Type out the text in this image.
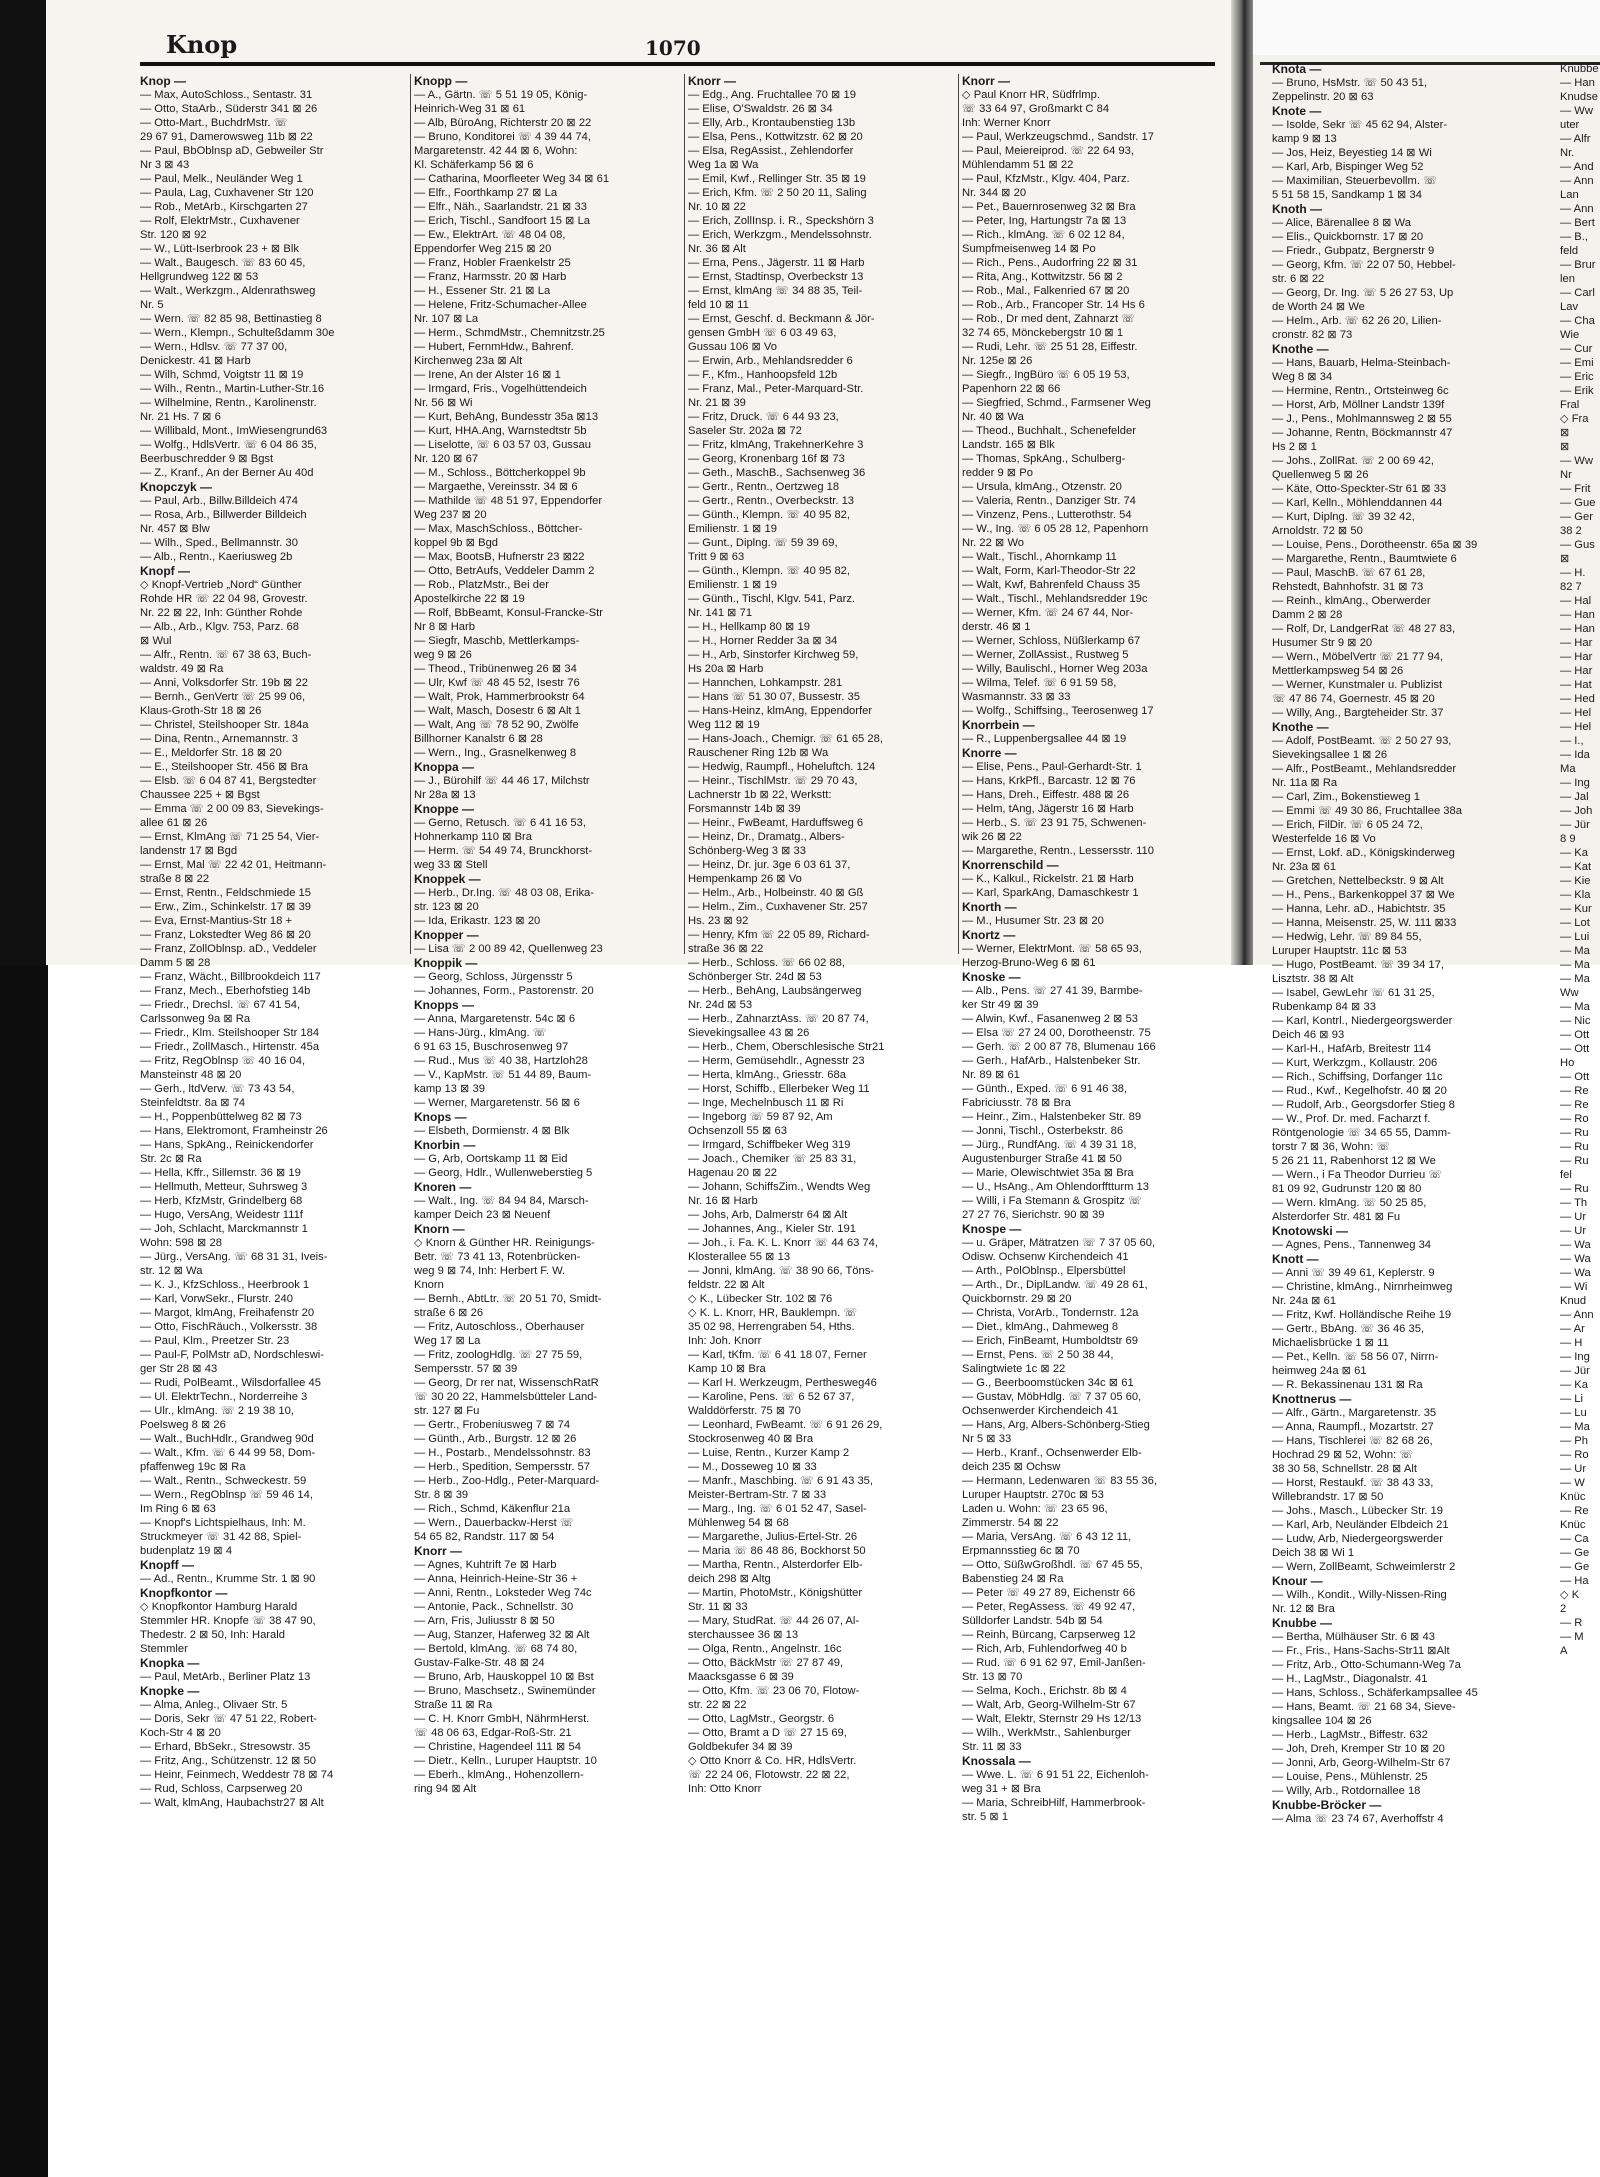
Knop	1070
Knop —
— Max, AutoSchloss., Sentastr. 31
— Otto, StaArb., Süderstr 341 ⊠ 26
— Otto-Mart., BuchdrMstr. ☏
29 67 91, Damerowsweg 11b ⊠ 22
— Paul, BbOblnsp aD, Gebweiler Str
Nr 3 ⊠ 43
— Paul, Melk., Neuländer Weg 1
— Paula, Lag, Cuxhavener Str 120
— Rob., MetArb., Kirschgarten 27
— Rolf, ElektrMstr., Cuxhavener
Str. 120 ⊠ 92
— W., Lütt-Iserbrook 23 + ⊠ Blk
— Walt., Baugesch. ☏ 83 60 45,
Hellgrundweg 122 ⊠ 53
— Walt., Werkzgm., Aldenrathsweg
Nr. 5
— Wern. ☏ 82 85 98, Bettinastieg 8
— Wern., Klempn., Schulteßdamm 30e
— Wern., Hdlsv. ☏ 77 37 00,
Denickestr. 41 ⊠ Harb
— Wilh, Schmd, Voigtstr 11 ⊠ 19
— Wilh., Rentn., Martin-Luther-Str.16
— Wilhelmine, Rentn., Karolinenstr.
Nr. 21 Hs. 7 ⊠ 6
— Willibald, Mont., ImWiesengrund63
— Wolfg., HdlsVertr. ☏ 6 04 86 35,
Beerbuschredder 9 ⊠ Bgst
— Z., Kranf., An der Berner Au 40d
Knopczyk —
— Paul, Arb., Billw.Billdeich 474
— Rosa, Arb., Billwerder Billdeich
Nr. 457 ⊠ Blw
— Wilh., Sped., Bellmannstr. 30
— Alb., Rentn., Kaeriusweg 2b
Knopf —
◇ Knopf-Vertrieb „Nord“ Günther
Rohde HR ☏ 22 04 98, Grovestr.
Nr. 22 ⊠ 22, Inh: Günther Rohde
— Alb., Arb., Klgv. 753, Parz. 68
⊠ Wul
— Alfr., Rentn. ☏ 67 38 63, Buch-
waldstr. 49 ⊠ Ra
— Anni, Volksdorfer Str. 19b ⊠ 22
— Bernh., GenVertr ☏ 25 99 06,
Klaus-Groth-Str 18 ⊠ 26
— Christel, Steilshooper Str. 184a
— Dina, Rentn., Arnemannstr. 3
— E., Meldorfer Str. 18 ⊠ 20
— E., Steilshooper Str. 456 ⊠ Bra
— Elsb. ☏ 6 04 87 41, Bergstedter
Chaussee 225 + ⊠ Bgst
— Emma ☏ 2 00 09 83, Sievekings-
allee 61 ⊠ 26
— Ernst, KlmAng ☏ 71 25 54, Vier-
landenstr 17 ⊠ Bgd
— Ernst, Mal ☏ 22 42 01, Heitmann-
straße 8 ⊠ 22
— Ernst, Rentn., Feldschmiede 15
— Erw., Zim., Schinkelstr. 17 ⊠ 39
— Eva, Ernst-Mantius-Str 18 +
— Franz, Lokstedter Weg 86 ⊠ 20
— Franz, ZollOblnsp. aD., Veddeler
Damm 5 ⊠ 28
— Franz, Wächt., Billbrookdeich 117
— Franz, Mech., Eberhofstieg 14b
— Friedr., Drechsl. ☏ 67 41 54,
Carlssonweg 9a ⊠ Ra
— Friedr., Klm. Steilshooper Str 184
— Friedr., ZollMasch., Hirtenstr. 45a
— Fritz, RegOblnsp ☏ 40 16 04,
Mansteinstr 48 ⊠ 20
— Gerh., ltdVerw. ☏ 73 43 54,
Steinfeldtstr. 8a ⊠ 74
— H., Poppenbüttelweg 82 ⊠ 73
— Hans, Elektromont, Framheinstr 26
— Hans, SpkAng., Reinickendorfer
Str. 2c ⊠ Ra
— Hella, Kffr., Sillemstr. 36 ⊠ 19
— Hellmuth, Metteur, Suhrsweg 3
— Herb, KfzMstr, Grindelberg 68
— Hugo, VersAng, Weidestr 111f
— Joh, Schlacht, Marckmannstr 1
Wohn: 598 ⊠ 28
— Jürg., VersAng. ☏ 68 31 31, Iveis-
str. 12 ⊠ Wa
— K. J., KfzSchloss., Heerbrook 1
— Karl, VorwSekr., Flurstr. 240
— Margot, klmAng, Freihafenstr 20
— Otto, FischRäuch., Volkersstr. 38
— Paul, Klm., Preetzer Str. 23
— Paul-F, PolMstr aD, Nordschleswi-
ger Str 28 ⊠ 43
— Rudi, PolBeamt., Wilsdorfallee 45
— Ul. ElektrTechn., Norderreihe 3
— Ulr., klmAng. ☏ 2 19 38 10,
Poelsweg 8 ⊠ 26
— Walt., BuchHdlr., Grandweg 90d
— Walt., Kfm. ☏ 6 44 99 58, Dom-
pfaffenweg 19c ⊠ Ra
— Walt., Rentn., Schweckestr. 59
— Wern., RegOblnsp ☏ 59 46 14,
Im Ring 6 ⊠ 63
— Knopf's Lichtspielhaus, Inh: M.
Struckmeyer ☏ 31 42 88, Spiel-
budenplatz 19 ⊠ 4
Knopff —
— Ad., Rentn., Krumme Str. 1 ⊠ 90
Knopfkontor —
◇ Knopfkontor Hamburg Harald
Stemmler HR. Knopfe ☏ 38 47 90,
Thedestr. 2 ⊠ 50, Inh: Harald
Stemmler
Knopka —
— Paul, MetArb., Berliner Platz 13
Knopke —
— Alma, Anleg., Olivaer Str. 5
— Doris, Sekr ☏ 47 51 22, Robert-
Koch-Str 4 ⊠ 20
— Erhard, BbSekr., Stresowstr. 35
— Fritz, Ang., Schützenstr. 12 ⊠ 50
— Heinr, Feinmech, Weddestr 78 ⊠ 74
— Rud, Schloss, Carpserweg 20
— Walt, klmAng, Haubachstr27 ⊠ Alt
Knopp —
— A., Gärtn. ☏ 5 51 19 05, König-
Heinrich-Weg 31 ⊠ 61
— Alb, BüroAng, Richterstr 20 ⊠ 22
— Bruno, Konditorei ☏ 4 39 44 74,
Margaretenstr. 42 44 ⊠ 6, Wohn:
Kl. Schäferkamp 56 ⊠ 6
— Catharina, Moorfleeter Weg 34 ⊠ 61
— Elfr., Foorthkamp 27 ⊠ La
— Elfr., Näh., Saarlandstr. 21 ⊠ 33
— Erich, Tischl., Sandfoort 15 ⊠ La
— Ew., ElektrArt. ☏ 48 04 08,
Eppendorfer Weg 215 ⊠ 20
— Franz, Hobler Fraenkelstr 25
— Franz, Harmsstr. 20 ⊠ Harb
— H., Essener Str. 21 ⊠ La
— Helene, Fritz-Schumacher-Allee
Nr. 107 ⊠ La
— Herm., SchmdMstr., Chemnitzstr.25
— Hubert, FernmHdw., Bahrenf.
Kirchenweg 23a ⊠ Alt
— Irene, An der Alster 16 ⊠ 1
— Irmgard, Fris., Vogelhüttendeich
Nr. 56 ⊠ Wi
— Kurt, BehAng, Bundesstr 35a ⊠13
— Kurt, HHA.Ang, Warnstedtstr 5b
— Liselotte, ☏ 6 03 57 03, Gussau
Nr. 120 ⊠ 67
— M., Schloss., Böttcherkoppel 9b
— Margaethe, Vereinsstr. 34 ⊠ 6
— Mathilde ☏ 48 51 97, Eppendorfer
Weg 237 ⊠ 20
— Max, MaschSchloss., Böttcher-
koppel 9b ⊠ Bgd
— Max, BootsB, Hufnerstr 23 ⊠22
— Otto, BetrAufs, Veddeler Damm 2
— Rob., PlatzMstr., Bei der
Apostelkirche 22 ⊠ 19
— Rolf, BbBeamt, Konsul-Francke-Str
Nr 8 ⊠ Harb
— Siegfr, Maschb, Mettlerkamps-
weg 9 ⊠ 26
— Theod., Tribünenweg 26 ⊠ 34
— Ulr, Kwf ☏ 48 45 52, Isestr 76
— Walt, Prok, Hammerbrookstr 64
— Walt, Masch, Dosestr 6 ⊠ Alt 1
— Walt, Ang ☏ 78 52 90, Zwölfe
Billhorner Kanalstr 6 ⊠ 28
— Wern., Ing., Grasnelkenweg 8
Knoppa —
— J., Bürohilf ☏ 44 46 17, Milchstr
Nr 28a ⊠ 13
Knoppe —
— Gerno, Retusch. ☏ 6 41 16 53,
Hohnerkamp 110 ⊠ Bra
— Herm. ☏ 54 49 74, Brunckhorst-
weg 33 ⊠ Stell
Knoppek —
— Herb., Dr.Ing. ☏ 48 03 08, Erika-
str. 123 ⊠ 20
— Ida, Erikastr. 123 ⊠ 20
Knopper —
— Lisa ☏ 2 00 89 42, Quellenweg 23
Knoppik —
— Georg, Schloss, Jürgensstr 5
— Johannes, Form., Pastorenstr. 20
Knopps —
— Anna, Margaretenstr. 54c ⊠ 6
— Hans-Jürg., klmAng. ☏
6 91 63 15, Buschrosenweg 97
— Rud., Mus ☏ 40 38, Hartzloh28
— V., KapMstr. ☏ 51 44 89, Baum-
kamp 13 ⊠ 39
— Werner, Margaretenstr. 56 ⊠ 6
Knops —
— Elsbeth, Dormienstr. 4 ⊠ Blk
Knorbin —
— G, Arb, Oortskamp 11 ⊠ Eid
— Georg, Hdlr., Wullenweberstieg 5
Knoren —
— Walt., Ing. ☏ 84 94 84, Marsch-
kamper Deich 23 ⊠ Neuenf
Knorn —
◇ Knorn & Günther HR. Reinigungs-
Betr. ☏ 73 41 13, Rotenbrücken-
weg 9 ⊠ 74, Inh: Herbert F. W.
Knorn
— Bernh., AbtLtr. ☏ 20 51 70, Smidt-
straße 6 ⊠ 26
— Fritz, Autoschloss., Oberhauser
Weg 17 ⊠ La
— Fritz, zoologHdlg. ☏ 27 75 59,
Sempersstr. 57 ⊠ 39
— Georg, Dr rer nat, WissenschRatR
☏ 30 20 22, Hammelsbütteler Land-
str. 127 ⊠ Fu
— Gertr., Frobeniusweg 7 ⊠ 74
— Günth., Arb., Burgstr. 12 ⊠ 26
— H., Postarb., Mendelssohnstr. 83
— Herb., Spedition, Sempersstr. 57
— Herb., Zoo-Hdlg., Peter-Marquard-
Str. 8 ⊠ 39
— Rich., Schmd, Käkenflur 21a
— Wern., Dauerbackw-Herst ☏
54 65 82, Randstr. 117 ⊠ 54
Knorr —
— Agnes, Kuhtrift 7e ⊠ Harb
— Anna, Heinrich-Heine-Str 36 +
— Anni, Rentn., Loksteder Weg 74c
— Antonie, Pack., Schnellstr. 30
— Arn, Fris, Juliusstr 8 ⊠ 50
— Aug, Stanzer, Haferweg 32 ⊠ Alt
— Bertold, klmAng. ☏ 68 74 80,
Gustav-Falke-Str. 48 ⊠ 24
— Bruno, Arb, Hauskoppel 10 ⊠ Bst
— Bruno, Maschsetz., Swinemünder
Straße 11 ⊠ Ra
— C. H. Knorr GmbH, NährmHerst.
☏ 48 06 63, Edgar-Roß-Str. 21
— Christine, Hagendeel 111 ⊠ 54
— Dietr., Kelln., Luruper Hauptstr. 10
— Eberh., klmAng., Hohenzollern-
ring 94 ⊠ Alt
Knorr —
— Edg., Ang. Fruchtallee 70 ⊠ 19
— Elise, O'Swaldstr. 26 ⊠ 34
— Elly, Arb., Krontaubenstieg 13b
— Elsa, Pens., Kottwitzstr. 62 ⊠ 20
— Elsa, RegAssist., Zehlendorfer
Weg 1a ⊠ Wa
— Emil, Kwf., Rellinger Str. 35 ⊠ 19
— Erich, Kfm. ☏ 2 50 20 11, Saling
Nr. 10 ⊠ 22
— Erich, ZollInsp. i. R., Speckshörn 3
— Erich, Werkzgm., Mendelssohnstr.
Nr. 36 ⊠ Alt
— Erna, Pens., Jägerstr. 11 ⊠ Harb
— Ernst, Stadtinsp, Overbeckstr 13
— Ernst, klmAng ☏ 34 88 35, Teil-
feld 10 ⊠ 11
— Ernst, Geschf. d. Beckmann & Jör-
gensen GmbH ☏ 6 03 49 63,
Gussau 106 ⊠ Vo
— Erwin, Arb., Mehlandsredder 6
— F., Kfm., Hanhoopsfeld 12b
— Franz, Mal., Peter-Marquard-Str.
Nr. 21 ⊠ 39
— Fritz, Druck. ☏ 6 44 93 23,
Saseler Str. 202a ⊠ 72
— Fritz, klmAng, TrakehnerKehre 3
— Georg, Kronenbarg 16f ⊠ 73
— Geth., MaschB., Sachsenweg 36
— Gertr., Rentn., Oertzweg 18
— Gertr., Rentn., Overbeckstr. 13
— Günth., Klempn. ☏ 40 95 82,
Emilienstr. 1 ⊠ 19
— Gunt., Diplng. ☏ 59 39 69,
Tritt 9 ⊠ 63
— Günth., Klempn. ☏ 40 95 82,
Emilienstr. 1 ⊠ 19
— Günth., Tischl, Klgv. 541, Parz.
Nr. 141 ⊠ 71
— H., Hellkamp 80 ⊠ 19
— H., Horner Redder 3a ⊠ 34
— H., Arb, Sinstorfer Kirchweg 59,
Hs 20a ⊠ Harb
— Hannchen, Lohkampstr. 281
— Hans ☏ 51 30 07, Bussestr. 35
— Hans-Heinz, klmAng, Eppendorfer
Weg 112 ⊠ 19
— Hans-Joach., Chemigr. ☏ 61 65 28,
Rauschener Ring 12b ⊠ Wa
— Hedwig, Raumpfl., Hoheluftch. 124
— Heinr., TischlMstr. ☏ 29 70 43,
Lachnerstr 1b ⊠ 22, Werkstt:
Forsmannstr 14b ⊠ 39
— Heinr., FwBeamt, Harduffsweg 6
— Heinz, Dr., Dramatg., Albers-
Schönberg-Weg 3 ⊠ 33
— Heinz, Dr. jur. 3ge 6 03 61 37,
Hempenkamp 26 ⊠ Vo
— Helm., Arb., Holbeinstr. 40 ⊠ Gß
— Helm., Zim., Cuxhavener Str. 257
Hs. 23 ⊠ 92
— Henry, Kfm ☏ 22 05 89, Richard-
straße 36 ⊠ 22
— Herb., Schloss. ☏ 66 02 88,
Schönberger Str. 24d ⊠ 53
— Herb., BehAng, Laubsängerweg
Nr. 24d ⊠ 53
— Herb., ZahnarztAss. ☏ 20 87 74,
Sievekingsallee 43 ⊠ 26
— Herb., Chem, Oberschlesische Str21
— Herm, Gemüsehdlr., Agnesstr 23
— Herta, klmAng., Griesstr. 68a
— Horst, Schiffb., Ellerbeker Weg 11
— Inge, Mechelnbusch 11 ⊠ Ri
— Ingeborg ☏ 59 87 92, Am
Ochsenzoll 55 ⊠ 63
— Irmgard, Schiffbeker Weg 319
— Joach., Chemiker ☏ 25 83 31,
Hagenau 20 ⊠ 22
— Johann, SchiffsZim., Wendts Weg
Nr. 16 ⊠ Harb
— Johs, Arb, Dalmerstr 64 ⊠ Alt
— Johannes, Ang., Kieler Str. 191
— Joh., i. Fa. K. L. Knorr ☏ 44 63 74,
Klosterallee 55 ⊠ 13
— Jonni, klmAng. ☏ 38 90 66, Töns-
feldstr. 22 ⊠ Alt
◇ K., Lübecker Str. 102 ⊠ 76
◇ K. L. Knorr, HR, Bauklempn. ☏
35 02 98, Herrengraben 54, Hths.
Inh: Joh. Knorr
— Karl, tKfm. ☏ 6 41 18 07, Ferner
Kamp 10 ⊠ Bra
— Karl H. Werkzeugm, Perthesweg46
— Karoline, Pens. ☏ 6 52 67 37,
Walddörferstr. 75 ⊠ 70
— Leonhard, FwBeamt. ☏ 6 91 26 29,
Stockrosenweg 40 ⊠ Bra
— Luise, Rentn., Kurzer Kamp 2
— M., Dosseweg 10 ⊠ 33
— Manfr., Maschbing. ☏ 6 91 43 35,
Meister-Bertram-Str. 7 ⊠ 33
— Marg., Ing. ☏ 6 01 52 47, Sasel-
Mühlenweg 54 ⊠ 68
— Margarethe, Julius-Ertel-Str. 26
— Maria ☏ 86 48 86, Bockhorst 50
— Martha, Rentn., Alsterdorfer Elb-
deich 298 ⊠ Altg
— Martin, PhotoMstr., Königshütter
Str. 11 ⊠ 33
— Mary, StudRat. ☏ 44 26 07, Al-
sterchaussee 36 ⊠ 13
— Olga, Rentn., Angelnstr. 16c
— Otto, BäckMstr ☏ 27 87 49,
Maacksgasse 6 ⊠ 39
— Otto, Kfm. ☏ 23 06 70, Flotow-
str. 22 ⊠ 22
— Otto, LagMstr., Georgstr. 6
— Otto, Bramt a D ☏ 27 15 69,
Goldbekufer 34 ⊠ 39
◇ Otto Knorr & Co. HR, HdlsVertr.
☏ 22 24 06, Flotowstr. 22 ⊠ 22,
Inh: Otto Knorr
Knorr —
◇ Paul Knorr HR, Südfrlmp.
☏ 33 64 97, Großmarkt C 84
Inh: Werner Knorr
— Paul, Werkzeugschmd., Sandstr. 17
— Paul, Meiereiprod. ☏ 22 64 93,
Mühlendamm 51 ⊠ 22
— Paul, KfzMstr., Klgv. 404, Parz.
Nr. 344 ⊠ 20
— Pet., Bauernrosenweg 32 ⊠ Bra
— Peter, Ing, Hartungstr 7a ⊠ 13
— Rich., klmAng. ☏ 6 02 12 84,
Sumpfmeisenweg 14 ⊠ Po
— Rich., Pens., Audorfring 22 ⊠ 31
— Rita, Ang., Kottwitzstr. 56 ⊠ 2
— Rob., Mal., Falkenried 67 ⊠ 20
— Rob., Arb., Francoper Str. 14 Hs 6
— Rob., Dr med dent, Zahnarzt ☏
32 74 65, Mönckebergstr 10 ⊠ 1
— Rudi, Lehr. ☏ 25 51 28, Eiffestr.
Nr. 125e ⊠ 26
— Siegfr., IngBüro ☏ 6 05 19 53,
Papenhorn 22 ⊠ 66
— Siegfried, Schmd., Farmsener Weg
Nr. 40 ⊠ Wa
— Theod., Buchhalt., Schenefelder
Landstr. 165 ⊠ Blk
— Thomas, SpkAng., Schulberg-
redder 9 ⊠ Po
— Ursula, klmAng., Otzenstr. 20
— Valeria, Rentn., Danziger Str. 74
— Vinzenz, Pens., Lutterothstr. 54
— W., Ing. ☏ 6 05 28 12, Papenhorn
Nr. 22 ⊠ Wo
— Walt., Tischl., Ahornkamp 11
— Walt, Form, Karl-Theodor-Str 22
— Walt, Kwf, Bahrenfeld Chauss 35
— Walt., Tischl., Mehlandsredder 19c
— Werner, Kfm. ☏ 24 67 44, Nor-
derstr. 46 ⊠ 1
— Werner, Schloss, Nüßlerkamp 67
— Werner, ZollAssist., Rustweg 5
— Willy, Baulischl., Horner Weg 203a
— Wilma, Telef. ☏ 6 91 59 58,
Wasmannstr. 33 ⊠ 33
— Wolfg., Schiffsing., Teerosenweg 17
Knorrbein —
— R., Luppenbergsallee 44 ⊠ 19
Knorre —
— Elise, Pens., Paul-Gerhardt-Str. 1
— Hans, KrkPfl., Barcastr. 12 ⊠ 76
— Hans, Dreh., Eiffestr. 488 ⊠ 26
— Helm, tAng, Jägerstr 16 ⊠ Harb
— Herb., S. ☏ 23 91 75, Schwenen-
wik 26 ⊠ 22
— Margarethe, Rentn., Lessersstr. 110
Knorrenschild —
— K., Kalkul., Rickelstr. 21 ⊠ Harb
— Karl, SparkAng, Damaschkestr 1
Knorth —
— M., Husumer Str. 23 ⊠ 20
Knortz —
— Werner, ElektrMont. ☏ 58 65 93,
Herzog-Bruno-Weg 6 ⊠ 61
Knoske —
— Alb., Pens. ☏ 27 41 39, Barmbe-
ker Str 49 ⊠ 39
— Alwin, Kwf., Fasanenweg 2 ⊠ 53
— Elsa ☏ 27 24 00, Dorotheenstr. 75
— Gerh. ☏ 2 00 87 78, Blumenau 166
— Gerh., HafArb., Halstenbeker Str.
Nr. 89 ⊠ 61
— Günth., Exped. ☏ 6 91 46 38,
Fabriciusstr. 78 ⊠ Bra
— Heinr., Zim., Halstenbeker Str. 89
— Jonni, Tischl., Osterbekstr. 86
— Jürg., RundfAng. ☏ 4 39 31 18,
Augustenburger Straße 41 ⊠ 50
— Marie, Olewischtwiet 35a ⊠ Bra
— U., HsAng., Am Ohlendorfftturm 13
— Willi, i Fa Stemann & Grospitz ☏
27 27 76, Sierichstr. 90 ⊠ 39
Knospe —
— u. Gräper, Mätratzen ☏ 7 37 05 60,
Odisw. Ochsenw Kirchendeich 41
— Arth., PolOblnsp., Elpersbüttel
— Arth., Dr., DiplLandw. ☏ 49 28 61,
Quickbornstr. 29 ⊠ 20
— Christa, VorArb., Tondernstr. 12a
— Diet., klmAng., Dahmeweg 8
— Erich, FinBeamt, Humboldtstr 69
— Ernst, Pens. ☏ 2 50 38 44,
Salingtwiete 1c ⊠ 22
— G., Beerboomstücken 34c ⊠ 61
— Gustav, MöbHdlg. ☏ 7 37 05 60,
Ochsenwerder Kirchendeich 41
— Hans, Arg, Albers-Schönberg-Stieg
Nr 5 ⊠ 33
— Herb., Kranf., Ochsenwerder Elb-
deich 235 ⊠ Ochsw
— Hermann, Ledenwaren ☏ 83 55 36,
Luruper Hauptstr. 270c ⊠ 53
Laden u. Wohn: ☏ 23 65 96,
Zimmerstr. 54 ⊠ 22
— Maria, VersAng. ☏ 6 43 12 11,
Erpmannsstieg 6c ⊠ 70
— Otto, SüßwGroßhdl. ☏ 67 45 55,
Babenstieg 24 ⊠ Ra
— Peter ☏ 49 27 89, Eichenstr 66
— Peter, RegAssess. ☏ 49 92 47,
Sülldorfer Landstr. 54b ⊠ 54
— Reinh, Bürcang, Carpserweg 12
— Rich, Arb, Fuhlendorfweg 40 b
— Rud. ☏ 6 91 62 97, Emil-Janßen-
Str. 13 ⊠ 70
— Selma, Koch., Erichstr. 8b ⊠ 4
— Walt, Arb, Georg-Wilhelm-Str 67
— Walt, Elektr, Sternstr 29 Hs 12/13
— Wilh., WerkMstr., Sahlenburger
Str. 11 ⊠ 33
Knossala —
— Wwe. L. ☏ 6 91 51 22, Eichenloh-
weg 31 + ⊠ Bra
— Maria, SchreibHilf, Hammerbrook-
str. 5 ⊠ 1
Knota —
— Bruno, HsMstr. ☏ 50 43 51,
Zeppelinstr. 20 ⊠ 63
Knote —
— Isolde, Sekr ☏ 45 62 94, Alster-
kamp 9 ⊠ 13
— Jos, Heiz, Beyestieg 14 ⊠ Wi
— Karl, Arb, Bispinger Weg 52
— Maximilian, Steuerbevollm. ☏
5 51 58 15, Sandkamp 1 ⊠ 34
Knoth —
— Alice, Bärenallee 8 ⊠ Wa
— Elis., Quickbornstr. 17 ⊠ 20
— Friedr., Gubpatz, Bergnerstr 9
— Georg, Kfm. ☏ 22 07 50, Hebbel-
str. 6 ⊠ 22
— Georg, Dr. Ing. ☏ 5 26 27 53, Up
de Worth 24 ⊠ We
— Helm., Arb. ☏ 62 26 20, Lilien-
cronstr. 82 ⊠ 73
Knothe —
— Hans, Bauarb, Helma-Steinbach-
Weg 8 ⊠ 34
— Hermine, Rentn., Ortsteinweg 6c
— Horst, Arb, Möllner Landstr 139f
— J., Pens., Mohlmannsweg 2 ⊠ 55
— Johanne, Rentn, Böckmannstr 47
Hs 2 ⊠ 1
— Johs., ZollRat. ☏ 2 00 69 42,
Quellenweg 5 ⊠ 26
— Käte, Otto-Speckter-Str 61 ⊠ 33
— Karl, Kelln., Möhlenddannen 44
— Kurt, Diplng. ☏ 39 32 42,
Arnoldstr. 72 ⊠ 50
— Louise, Pens., Dorotheenstr. 65a ⊠ 39
— Margarethe, Rentn., Baumtwiete 6
— Paul, MaschB. ☏ 67 61 28,
Rehstedt, Bahnhofstr. 31 ⊠ 73
— Reinh., klmAng., Oberwerder
Damm 2 ⊠ 28
— Rolf, Dr, LandgerRat ☏ 48 27 83,
Husumer Str 9 ⊠ 20
— Wern., MöbelVertr ☏ 21 77 94,
Mettlerkampsweg 54 ⊠ 26
— Werner, Kunstmaler u. Publizist
☏ 47 86 74, Goernestr. 45 ⊠ 20
— Willy, Ang., Bargteheider Str. 37
Knothe —
— Adolf, PostBeamt. ☏ 2 50 27 93,
Sievekingsallee 1 ⊠ 26
— Alfr., PostBeamt., Mehlandsredder
Nr. 11a ⊠ Ra
— Carl, Zim., Bokenstieweg 1
— Emmi ☏ 49 30 86, Fruchtallee 38a
— Erich, FilDir. ☏ 6 05 24 72,
Westerfelde 16 ⊠ Vo
— Ernst, Lokf. aD., Königskinderweg
Nr. 23a ⊠ 61
— Gretchen, Nettelbeckstr. 9 ⊠ Alt
— H., Pens., Barkenkoppel 37 ⊠ We
— Hanna, Lehr. aD., Habichtstr. 35
— Hanna, Meisenstr. 25, W. 111 ⊠33
— Hedwig, Lehr. ☏ 89 84 55,
Luruper Hauptstr. 11c ⊠ 53
— Hugo, PostBeamt. ☏ 39 34 17,
Lisztstr. 38 ⊠ Alt
— Isabel, GewLehr ☏ 61 31 25,
Rubenkamp 84 ⊠ 33
— Karl, Kontrl., Niedergeorgswerder
Deich 46 ⊠ 93
— Karl-H., HafArb, Breitestr 114
— Kurt, Werkzgm., Kollaustr. 206
— Rich., Schiffsing, Dorfanger 11c
— Rud., Kwf., Kegelhofstr. 40 ⊠ 20
— Rudolf, Arb., Georgsdorfer Stieg 8
— W., Prof. Dr. med. Facharzt f.
Röntgenologie ☏ 34 65 55, Damm-
torstr 7 ⊠ 36, Wohn: ☏
5 26 21 11, Rabenhorst 12 ⊠ We
— Wern., i Fa Theodor Durrieu ☏
81 09 92, Gudrunstr 120 ⊠ 80
— Wern. klmAng. ☏ 50 25 85,
Alsterdorfer Str. 481 ⊠ Fu
Knotowski —
— Agnes, Pens., Tannenweg 34
Knott —
— Anni ☏ 39 49 61, Keplerstr. 9
— Christine, klmAng., Nirnrheimweg
Nr. 24a ⊠ 61
— Fritz, Kwf. Holländische Reihe 19
— Gertr., BbAng. ☏ 36 46 35,
Michaelisbrücke 1 ⊠ 11
— Pet., Kelln. ☏ 58 56 07, Nirrn-
heimweg 24a ⊠ 61
— R. Bekassinenau 131 ⊠ Ra
Knottnerus —
— Alfr., Gärtn., Margaretenstr. 35
— Anna, Raumpfl., Mozartstr. 27
— Hans, Tischlerei ☏ 82 68 26,
Hochrad 29 ⊠ 52, Wohn: ☏
38 30 58, Schnellstr. 28 ⊠ Alt
— Horst, Restaukf. ☏ 38 43 33,
Willebrandstr. 17 ⊠ 50
— Johs., Masch., Lübecker Str. 19
— Karl, Arb, Neuländer Elbdeich 21
— Ludw, Arb, Niedergeorgswerder
Deich 38 ⊠ Wi 1
— Wern, ZollBeamt, Schweimlerstr 2
Knour —
— Wilh., Kondit., Willy-Nissen-Ring
Nr. 12 ⊠ Bra
Knubbe —
— Bertha, Mülhäuser Str. 6 ⊠ 43
— Fr., Fris., Hans-Sachs-Str11 ⊠Alt
— Fritz, Arb., Otto-Schumann-Weg 7a
— H., LagMstr., Diagonalstr. 41
— Hans, Schloss., Schäferkampsallee 45
— Hans, Beamt. ☏ 21 68 34, Sieve-
kingsallee 104 ⊠ 26
— Herb., LagMstr., Biffestr. 632
— Joh, Dreh, Kremper Str 10 ⊠ 20
— Jonni, Arb, Georg-Wilhelm-Str 67
— Louise, Pens., Mühlenstr. 25
— Willy, Arb., Rotdornallee 18
Knubbe-Bröcker —
— Alma ☏ 23 74 67, Averhoffstr 4
Knubbe
— Han
Knudse
— Ww
uter
— Alfr
Nr.
— And
— Ann
Lan
— Ann
— Bert
— B.,
feld
— Brur
len
— Carl
Lav
— Cha
Wie
— Cur
— Emi
— Eric
— Erik
Fral
◇ Fra
⊠
⊠
— Ww
Nr
— Frit
— Gue
— Ger
38 2
— Gus
⊠
— H.
82 7
— Hal
— Han
— Han
— Har
— Har
— Har
— Hat
— Hed
— Hel
— Hel
— I.,
— Ida
Ma
— Ing
— Jal
— Joh
— Jür
8 9
— Ka
— Kat
— Kie
— Kla
— Kur
— Lot
— Lui
— Ma
— Ma
— Ma
Ww
— Ma
— Nic
— Ott
— Ott
Ho
— Ott
— Re
— Re
— Ro
— Ru
— Ru
— Ru
fel
— Ru
— Th
— Ur
— Ur
— Wa
— Wa
— Wa
— Wi
Knud
— Ann
— Ar
— H
— Ing
— Jür
— Ka
— Li
— Lu
— Ma
— Ph
— Ro
— Ur
— W
Knüc
— Re
Knüc
— Ca
— Ge
— Ge
— Ha
◇ K
2
— R
— M
A
